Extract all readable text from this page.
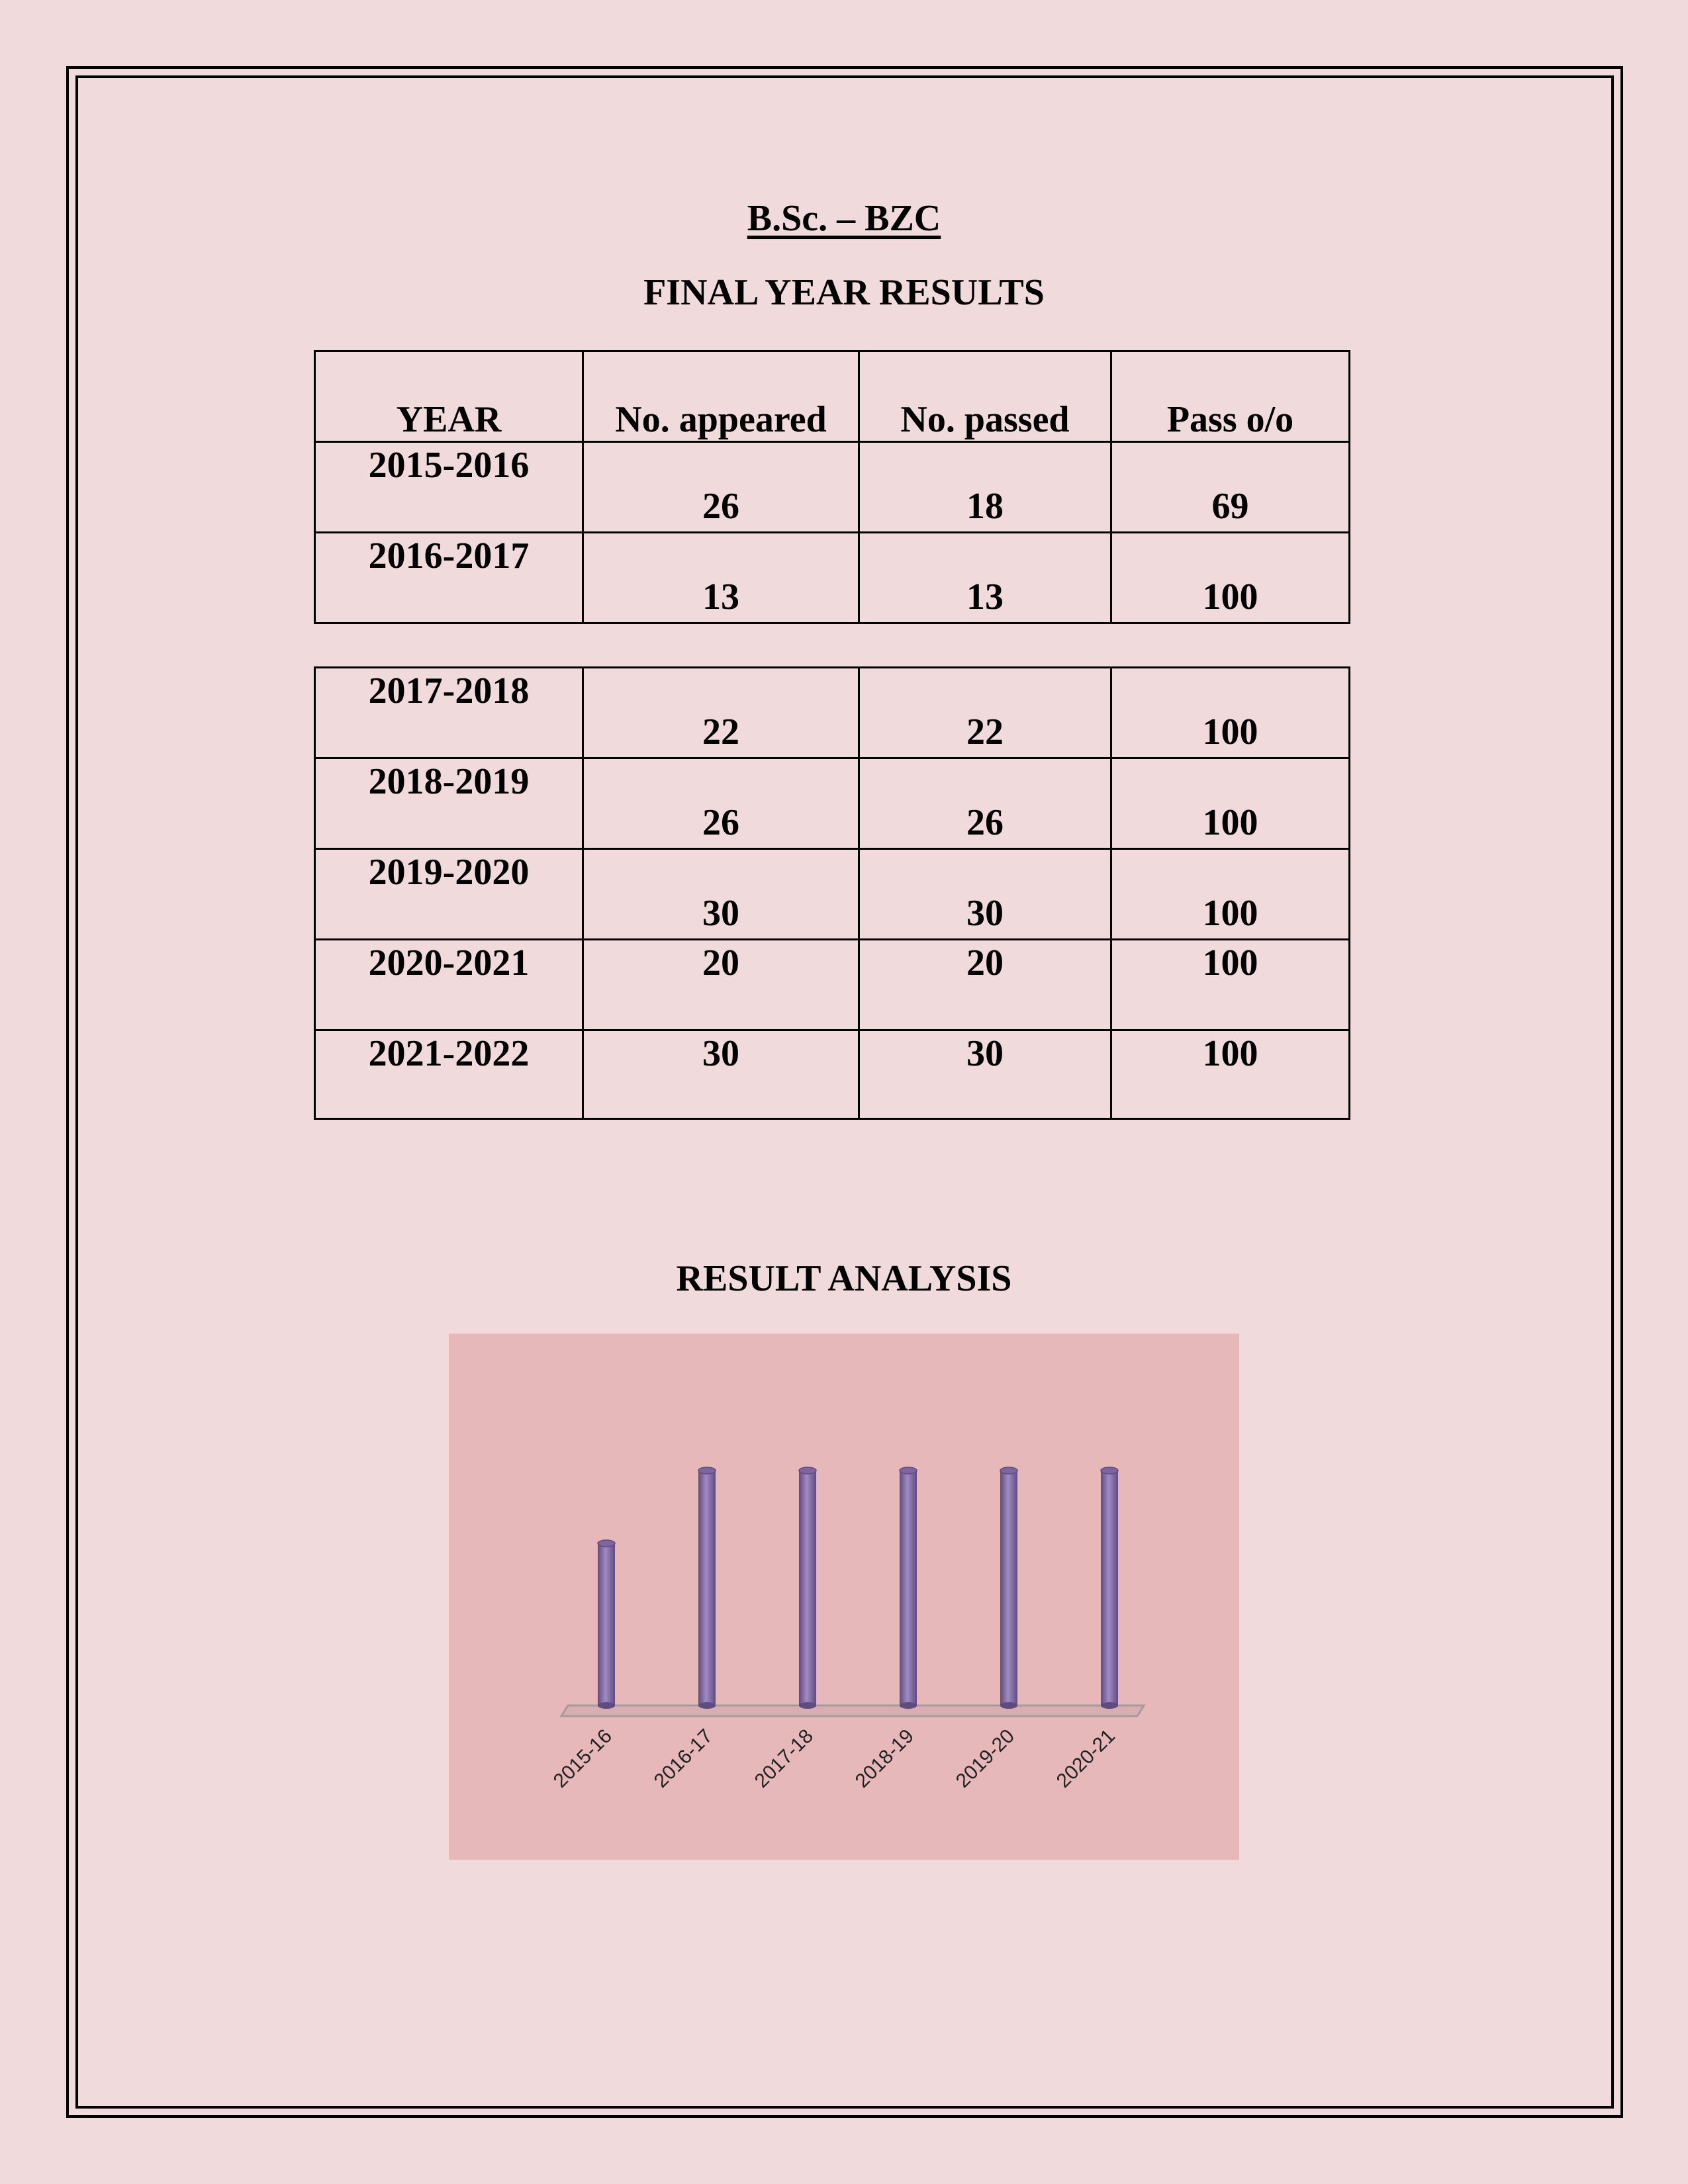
B.Sc. – BZC
FINAL YEAR RESULTS
YEAR	No. appeared	No. passed	Pass o/o
2015-2016	26	18	69
2016-2017	13	13	100
2017-2018	22	22	100
2018-2019	26	26	100
2019-2020	30	30	100
2020-2021	20	20	100
2021-2022	30	30	100
RESULT ANALYSIS
2015-16 2016-17 2017-18 2018-19 2019-20 2020-21
